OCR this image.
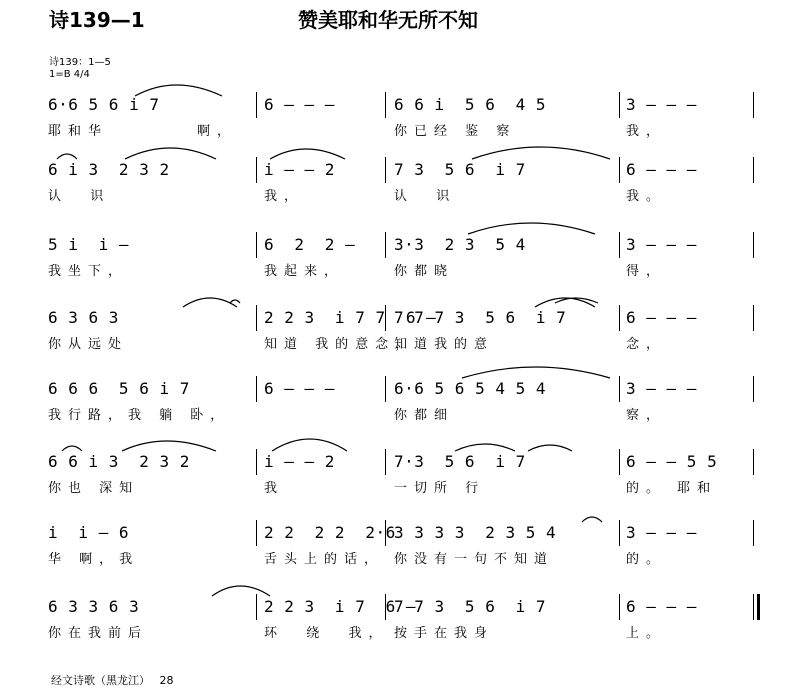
诗139—1	赞美耶和华无所不知
诗139：1—5
1=B 4/4
6·6 5 6 i 7
耶和华        啊，
6 – – –	6 6 i  5 6  4 5
你已经 鉴 察
3 – – –
我，
6 i 3  2 3 2
认  识
i – – 2
我，
7 3  5 6  i 7
认  识
6 – – –
我。
5 i  i –
我坐下，
6  2  2 –
我起来，
3·3  2 3  5 4
你都晓
3 – – –
得，
6 3 6 3
你从远处
2 2 3  i 7 7  6 –
知道 我的意念，
7 7 7 3  5 6  i 7
知道我的意
6 – – –
念，
6 6 6  5 6 i 7
我行路，我 躺 卧，
6 – – –	6·6 5 6 5 4 5 4
你都细
3 – – –
察，
6 6 i 3  2 3 2
你也 深知
i – – 2
我
7·3  5 6  i 7
一切所 行
6 – – 5 5
的。 耶和
i  i – 6
华 啊，我
2 2  2 2  2·6
舌头上的话，
3 3 3 3  2 3 5 4
你没有一句不知道
3 – – –
的。
6 3 3 6 3
你在我前后
2 2 3  i 7  6 –
环  绕  我，
7 7 3  5 6  i 7
按手在我身
6 – – –
上。
经文诗歌（黑龙江） 28
